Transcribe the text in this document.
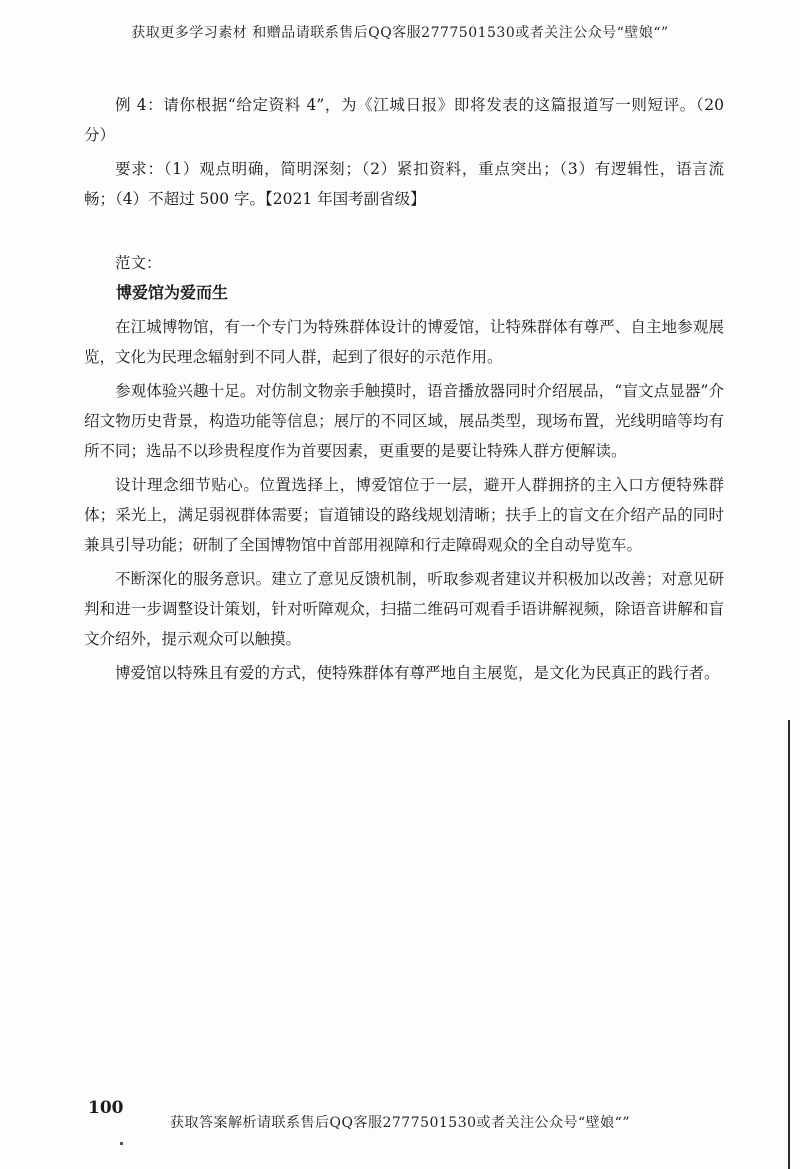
获取更多学习素材 和赠品请联系售后QQ客服2777501530或者关注公众号“壁娘“”

例 4：请你根据“给定资料 4”，为《江城日报》即将发表的这篇报道写一则短评。（20 分）

要求：（1）观点明确，简明深刻；（2）紧扣资料，重点突出；（3）有逻辑性，语言流畅；（4）不超过 500 字。【2021 年国考副省级】

范文：

博爱馆为爱而生

在江城博物馆，有一个专门为特殊群体设计的博爱馆，让特殊群体有尊严、自主地参观展览，文化为民理念辐射到不同人群，起到了很好的示范作用。

参观体验兴趣十足。对仿制文物亲手触摸时，语音播放器同时介绍展品，“盲文点显器”介绍文物历史背景，构造功能等信息；展厅的不同区域，展品类型，现场布置，光线明暗等均有所不同；选品不以珍贵程度作为首要因素，更重要的是要让特殊人群方便解读。

设计理念细节贴心。位置选择上，博爱馆位于一层，避开人群拥挤的主入口方便特殊群体；采光上，满足弱视群体需要；盲道铺设的路线规划清晰；扶手上的盲文在介绍产品的同时兼具引导功能；研制了全国博物馆中首部用视障和行走障碍观众的全自动导览车。

不断深化的服务意识。建立了意见反馈机制，听取参观者建议并积极加以改善；对意见研判和进一步调整设计策划，针对听障观众，扫描二维码可观看手语讲解视频，除语音讲解和盲文介绍外，提示观众可以触摸。

博爱馆以特殊且有爱的方式，使特殊群体有尊严地自主展览，是文化为民真正的践行者。

100
获取答案解析请联系售后QQ客服2777501530或者关注公众号“壁娘“”
